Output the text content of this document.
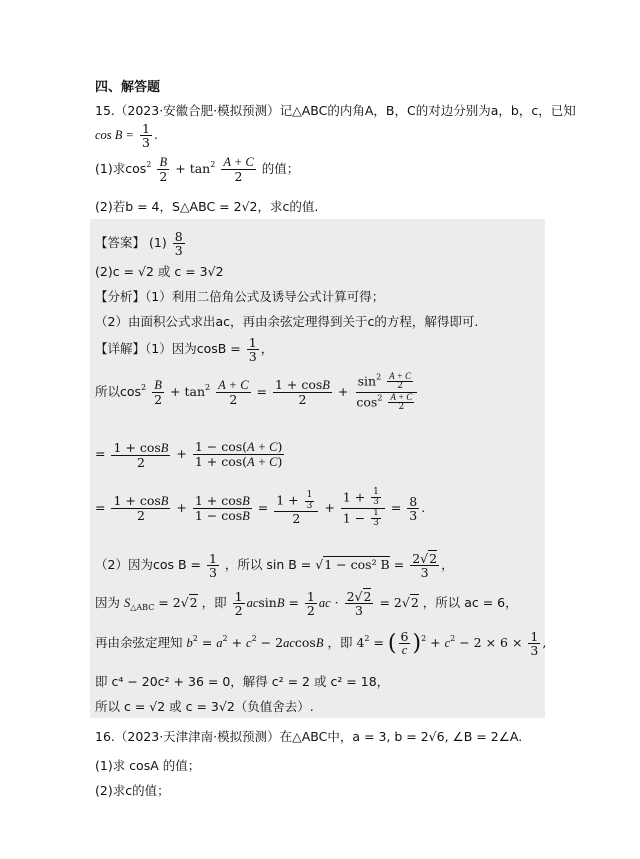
四、解答题
15.（2023·安徽合肥·模拟预测）记△ABC的内角A，B，C的对边分别为a，b，c，已知
$\cos B = \frac{1}{3}$ .
(1)求$\cos^2 \frac{B}{2} + \tan^2 \frac{A + C}{2}$ 的值；
(2)若b = 4，S△ABC = 2√2，求c的值.
【答案】 $(1) \frac{8}{3}$
(2)c = √2 或 c = 3√2
【分析】（1）利用二倍角公式及诱导公式计算可得；
（2）由面积公式求出ac，再由余弦定理得到关于c的方程，解得即可.
【详解】（1）因为$\cos B = \frac{1}{3}$ ，
所以$\cos^2 \frac{B}{2} + \tan^2 \frac{A + C}{2} = \frac{1 + \cos B}{2} + \frac{\sin^2 \frac{A + C}{2}}{\cos^2 \frac{A + C}{2}}$
= $\frac{1 + \cos B}{2} + \frac{1 - \cos(A + C)}{1 + \cos(A + C)}$
= $\frac{1 + \cos B}{2} + \frac{1 + \cos B}{1 - \cos B} = \frac{1 + \frac{1}{3}}{2} + \frac{1 + \frac{1}{3}}{1 - \frac{1}{3}} = \frac{8}{3}$ .
（2）因为$\cos B = \frac{1}{3}$ ，所以 sin B = √1 − cos² $B = \frac{2√2}{3}$ ，
因为 $S_{\triangle ABC} = 2√2$ ，即 $\frac{1}{2}$ $acsinB = \frac{1}{2}$ ac · $\frac{2√2}{3} = 2√2$ ，所以 ac = 6，
再由余弦定理知 $b^2 = a^2 + c^2 - 2accosB$ ，即 $4^2$ = ( $\frac{6}{c} )^2 + c^2 - 2 \times 6 \times \frac{1}{3}$ ,
即 c⁴ − 20c² + 36 = 0，解得 c² = 2 或 c² = 18，
所以 c = √2 或 c = 3√2（负值舍去）.
16.（2023·天津津南·模拟预测）在△ABC中，a = 3, b = 2√6, ∠B = 2∠A.
(1)求 cosA 的值；
(2)求c的值；
